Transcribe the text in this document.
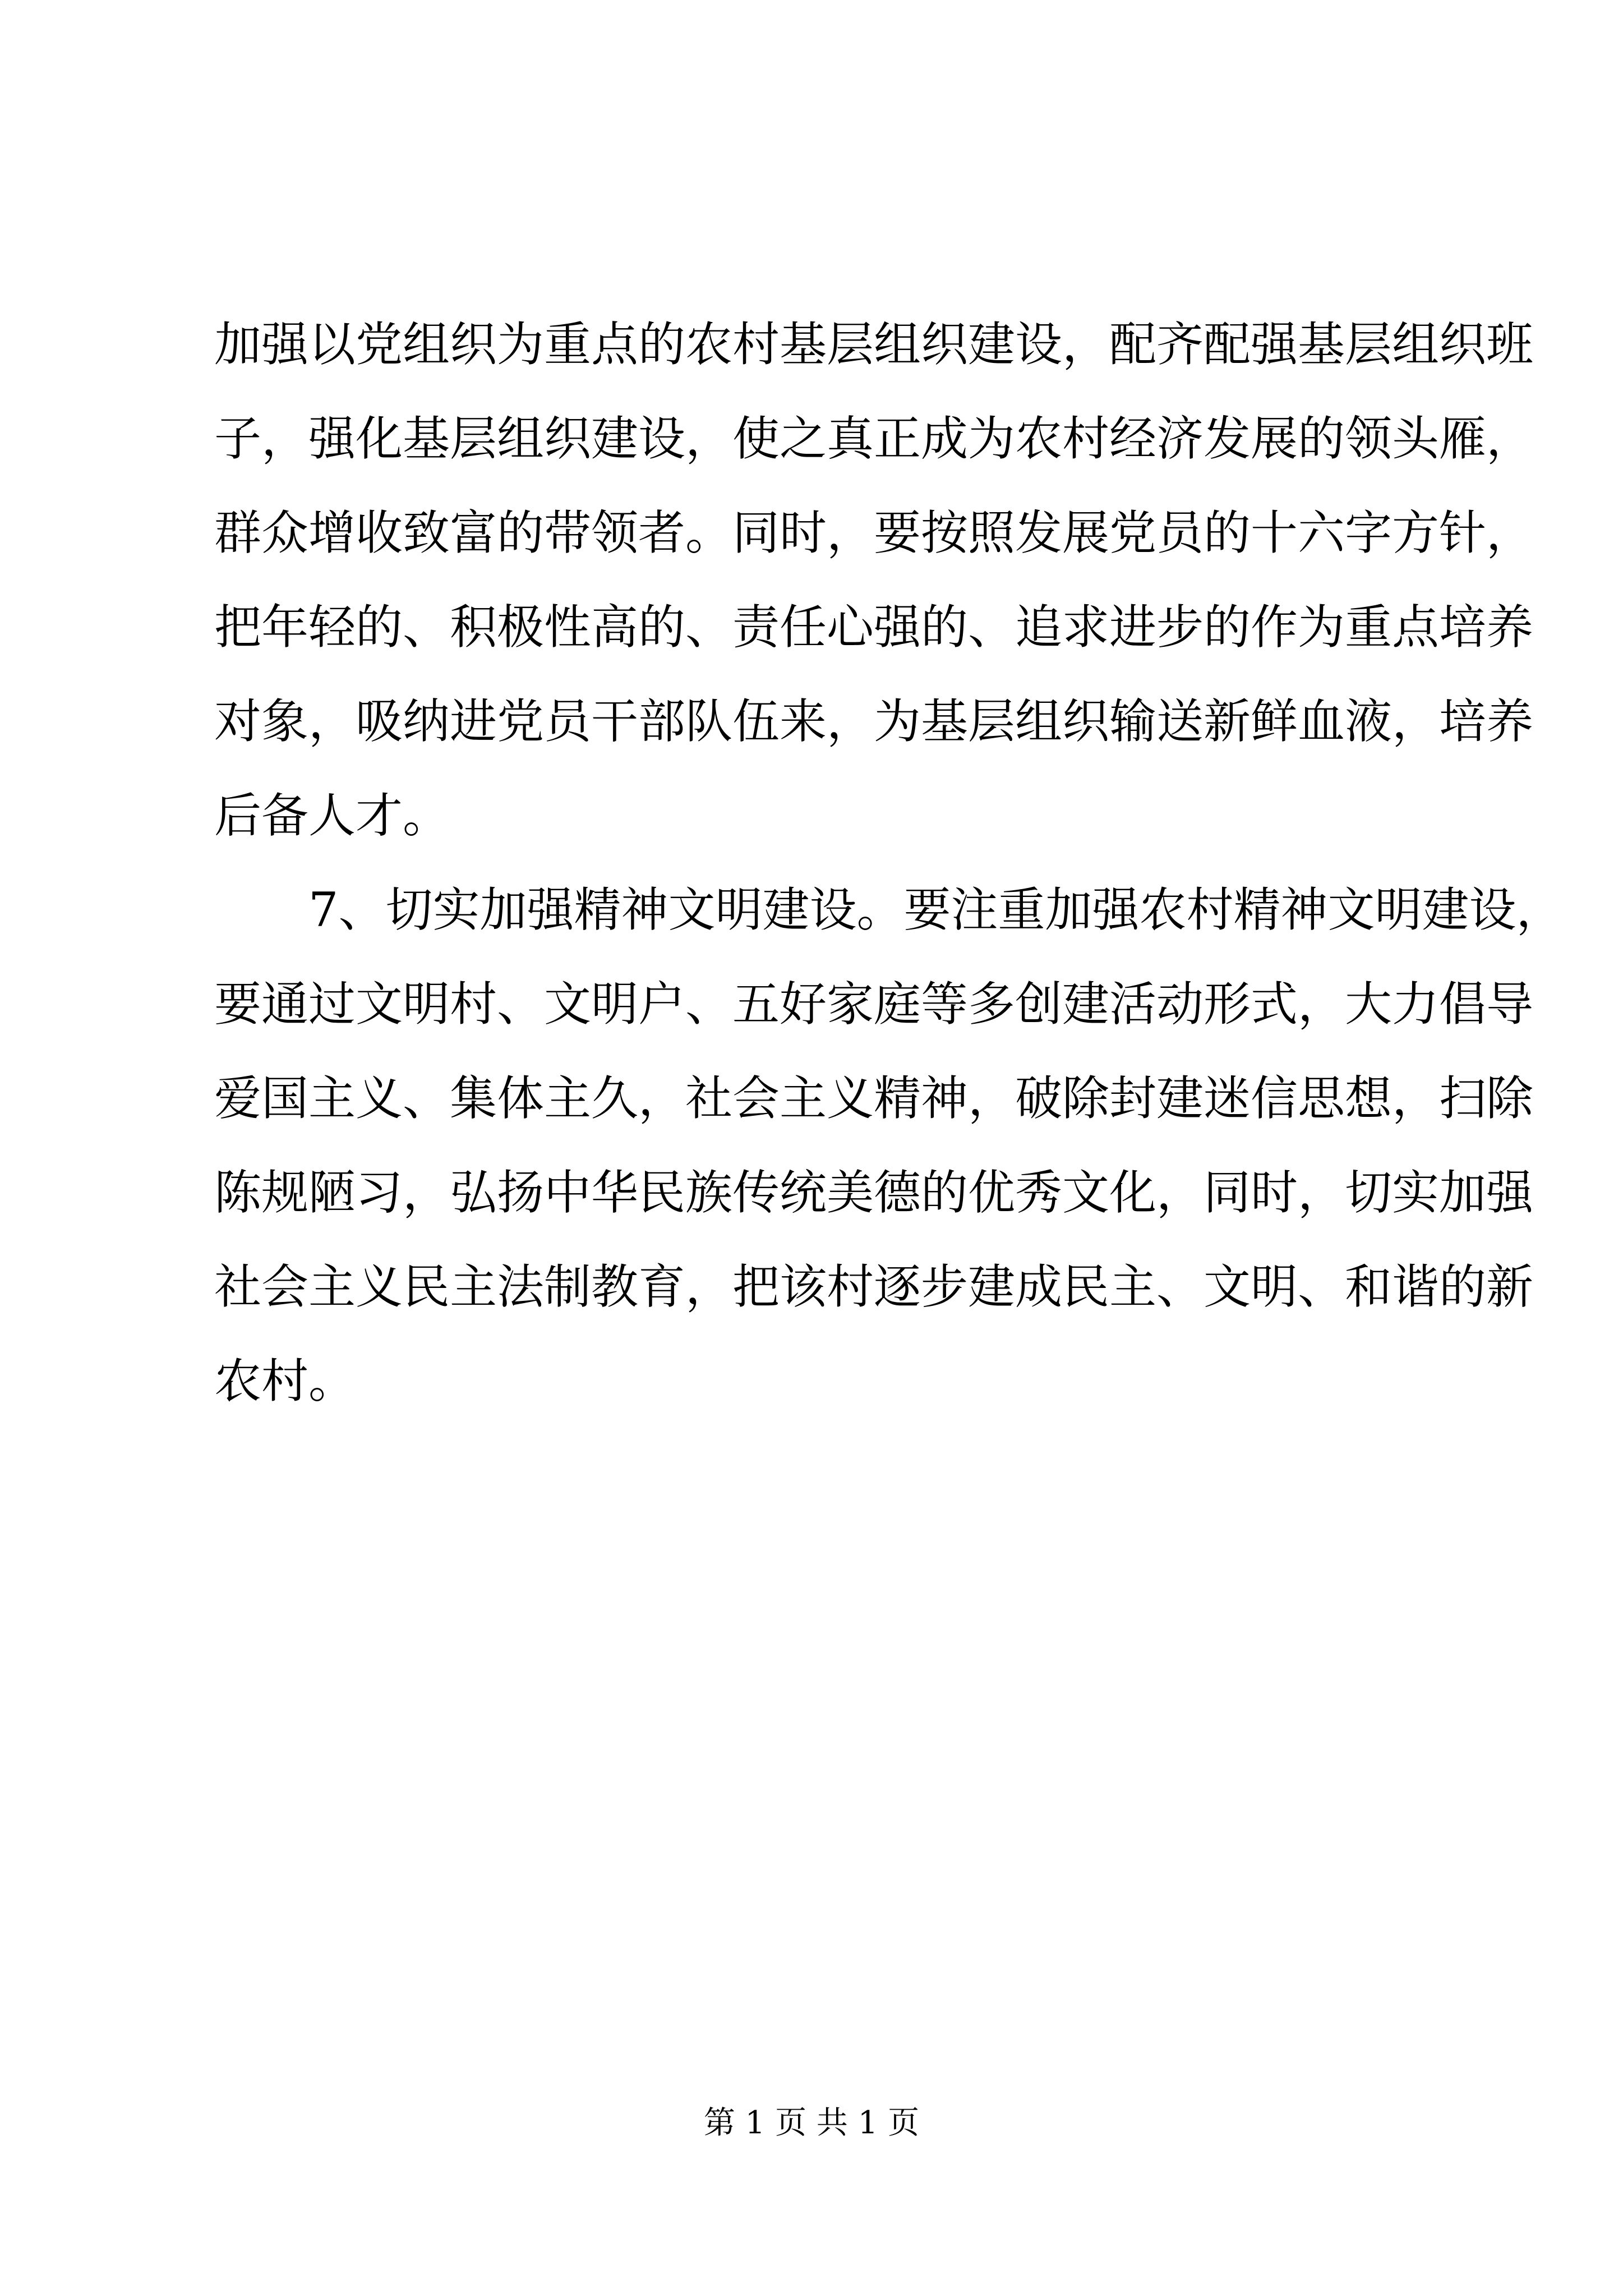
加强以党组织为重点的农村基层组织建设，配齐配强基层组织班
子，强化基层组织建设，使之真正成为农村经济发展的领头雁，
群众增收致富的带领者。同时，要按照发展党员的十六字方针，
把年轻的、积极性高的、责任心强的、追求进步的作为重点培养
对象，吸纳进党员干部队伍来，为基层组织输送新鲜血液，培养
后备人才。
7、切实加强精神文明建设。要注重加强农村精神文明建设，
要通过文明村、文明户、五好家庭等多创建活动形式，大力倡导
爱国主义、集体主久，社会主义精神，破除封建迷信思想，扫除
陈规陋习，弘扬中华民族传统美德的优秀文化，同时，切实加强
社会主义民主法制教育，把该村逐步建成民主、文明、和谐的新
农村。
第 1 页 共 1 页
